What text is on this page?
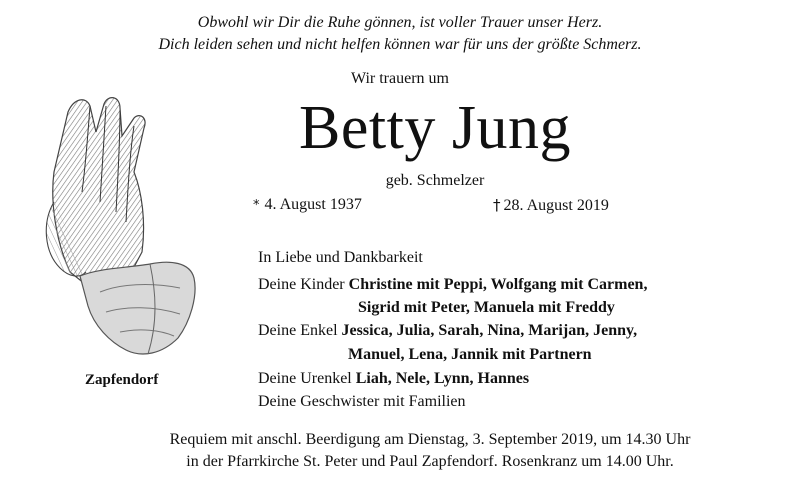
Obwohl wir Dir die Ruhe gönnen, ist voller Trauer unser Herz.
Dich leiden sehen und nicht helfen können war für uns der größte Schmerz.
Wir trauern um
Betty Jung
geb. Schmelzer
* 4. August 1937	† 28. August 2019
Zapfendorf
In Liebe und Dankbarkeit
Deine Kinder Christine mit Peppi, Wolfgang mit Carmen,
Sigrid mit Peter, Manuela mit Freddy
Deine Enkel Jessica, Julia, Sarah, Nina, Marijan, Jenny,
Manuel, Lena, Jannik mit Partnern
Deine Urenkel Liah, Nele, Lynn, Hannes
Deine Geschwister mit Familien
Requiem mit anschl. Beerdigung am Dienstag, 3. September 2019, um 14.30 Uhr
in der Pfarrkirche St. Peter und Paul Zapfendorf. Rosenkranz um 14.00 Uhr.
